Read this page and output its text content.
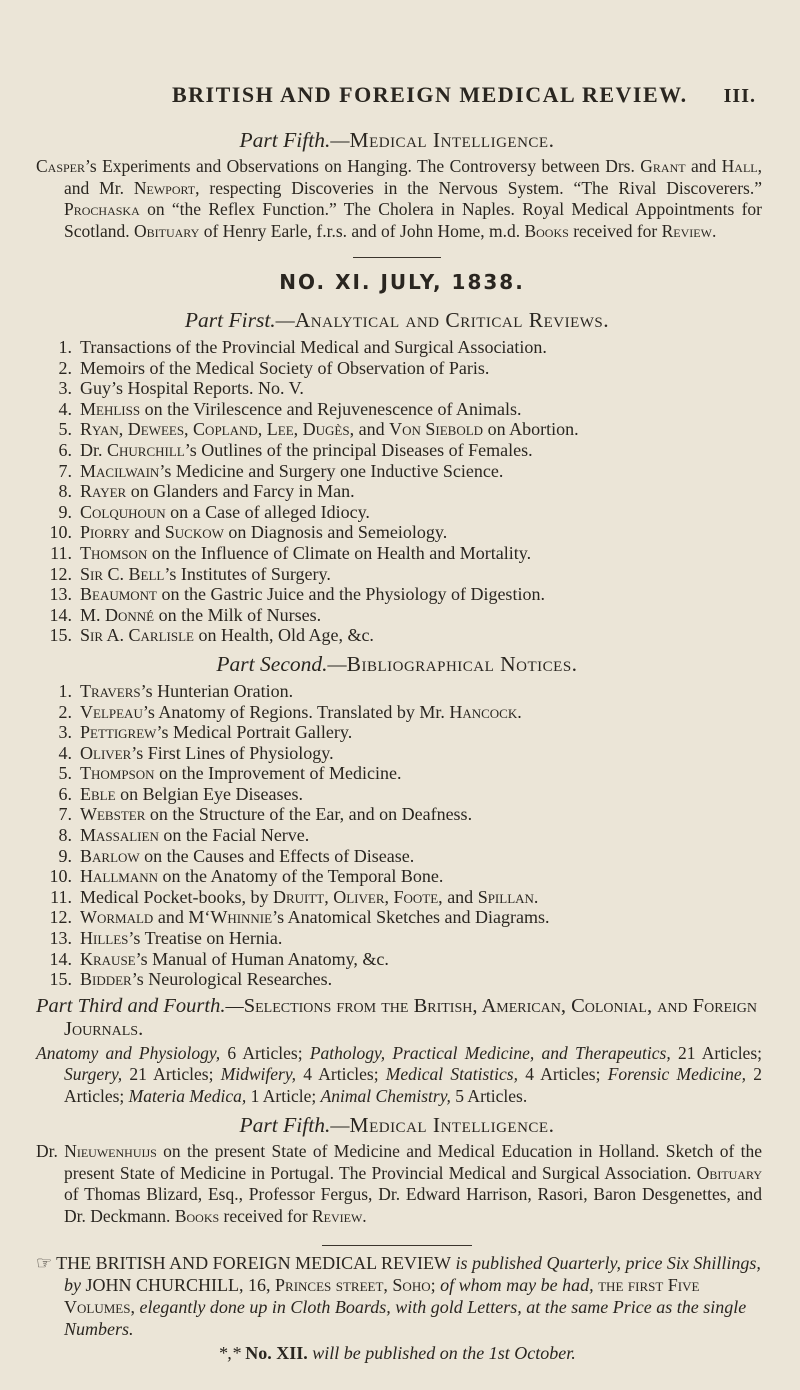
BRITISH AND FOREIGN MEDICAL REVIEW. III.
Part Fifth.—Medical Intelligence.

Casper’s Experiments and Observations on Hanging. The Controversy between Drs. Grant and Hall, and Mr. Newport, respecting Discoveries in the Nervous System. “The Rival Discoverers.” Prochaska on “the Reflex Function.” The Cholera in Naples. Royal Medical Appointments for Scotland. Obituary of Henry Earle, f.r.s. and of John Home, m.d. Books received for Review.

NO. XI. JULY, 1838.
Part First.—Analytical and Critical Reviews.
1. Transactions of the Provincial Medical and Surgical Association.
2. Memoirs of the Medical Society of Observation of Paris.
3. Guy’s Hospital Reports. No. V.
4. Mehliss on the Virilescence and Rejuvenescence of Animals.
5. Ryan, Dewees, Copland, Lee, Dugès, and Von Siebold on Abortion.
6. Dr. Churchill’s Outlines of the principal Diseases of Females.
7. Macilwain’s Medicine and Surgery one Inductive Science.
8. Rayer on Glanders and Farcy in Man.
9. Colquhoun on a Case of alleged Idiocy.
10. Piorry and Suckow on Diagnosis and Semeiology.
11. Thomson on the Influence of Climate on Health and Mortality.
12. Sir C. Bell’s Institutes of Surgery.
13. Beaumont on the Gastric Juice and the Physiology of Digestion.
14. M. Donné on the Milk of Nurses.
15. Sir A. Carlisle on Health, Old Age, &c.
Part Second.—Bibliographical Notices.
1. Travers’s Hunterian Oration.
2. Velpeau’s Anatomy of Regions. Translated by Mr. Hancock.
3. Pettigrew’s Medical Portrait Gallery.
4. Oliver’s First Lines of Physiology.
5. Thompson on the Improvement of Medicine.
6. Eble on Belgian Eye Diseases.
7. Webster on the Structure of the Ear, and on Deafness.
8. Massalien on the Facial Nerve.
9. Barlow on the Causes and Effects of Disease.
10. Hallmann on the Anatomy of the Temporal Bone.
11. Medical Pocket-books, by Druitt, Oliver, Foote, and Spillan.
12. Wormald and M‘Whinnie’s Anatomical Sketches and Diagrams.
13. Hilles’s Treatise on Hernia.
14. Krause’s Manual of Human Anatomy, &c.
15. Bidder’s Neurological Researches.
Part Third and Fourth.—Selections from the British, American, Colonial, and Foreign Journals.

Anatomy and Physiology, 6 Articles; Pathology, Practical Medicine, and Therapeutics, 21 Articles; Surgery, 21 Articles; Midwifery, 4 Articles; Medical Statistics, 4 Articles; Forensic Medicine, 2 Articles; Materia Medica, 1 Article; Animal Chemistry, 5 Articles.

Part Fifth.—Medical Intelligence.

Dr. Nieuwenhuijs on the present State of Medicine and Medical Education in Holland. Sketch of the present State of Medicine in Portugal. The Provincial Medical and Surgical Association. Obituary of Thomas Blizard, Esq., Professor Fergus, Dr. Edward Harrison, Rasori, Baron Desgenettes, and Dr. Deckmann. Books received for Review.

☞ THE BRITISH AND FOREIGN MEDICAL REVIEW is published Quarterly, price Six Shillings, by JOHN CHURCHILL, 16, Princes street, Soho; of whom may be had, the first Five Volumes, elegantly done up in Cloth Boards, with gold Letters, at the same Price as the single Numbers.

*,* No. XII. will be published on the 1st October.
